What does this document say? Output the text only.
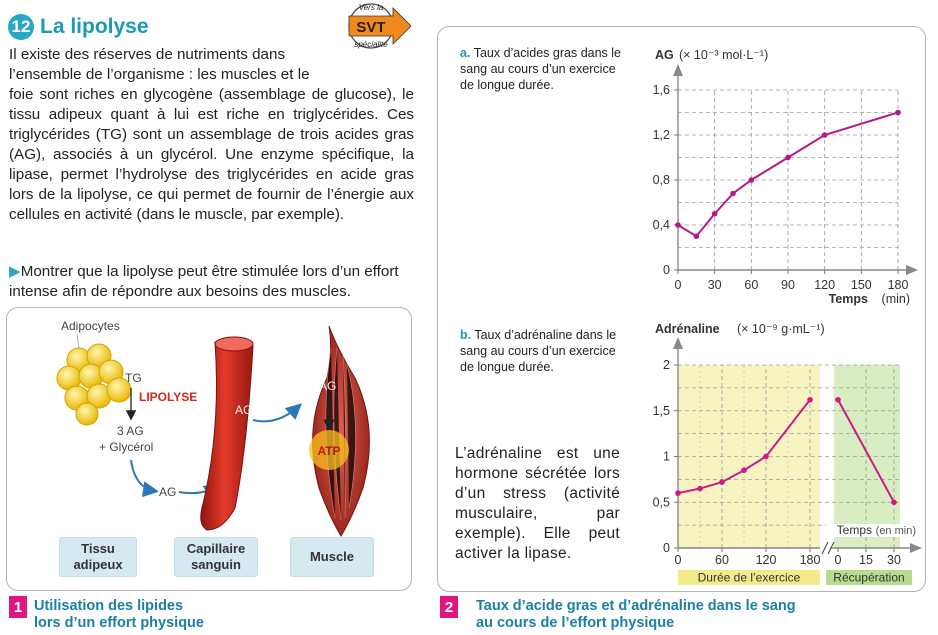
12 La lipolyse	SVT
Vers la
spécialité

Il existe des réserves de nutriments dans

l’ensemble de l’organisme : les muscles et le

foie sont riches en glycogène (assemblage de glucose), le tissu adipeux quant à lui est riche en triglycérides. Ces triglycérides (TG) sont un assemblage de trois acides gras (AG), associés à un glycérol. Une enzyme spécifique, la lipase, permet l’hydrolyse des triglycérides en acide gras lors de la lipolyse, ce qui permet de fournir de l’énergie aux cellules en activité (dans le muscle, par exemple).

▶Montrer que la lipolyse peut être stimulée lors d’un effort intense afin de répondre aux besoins des muscles.
Adipocytes
TG
LIPOLYSE
3 AG
+ Glycérol
AG
AG
AG
ATP
Tissu adipeux
Capillaire sanguin
Muscle
1 Utilisation des lipides
lors d’un effort physique
a. Taux d’acides gras dans le sang au cours d’un exercice de longue durée.
b. Taux d’adrénaline dans le sang au cours d’un exercice de longue durée.
L’adrénaline est une hormone sécrétée lors d’un stress (activité musculaire, par exemple). Elle peut activer la lipase.
0 30 60 90 120 150 180
0
0,4
0,8
1,2
1,6
AG (× 10⁻³ mol·L⁻¹)
Temps (min)
0	60 120 180 0 15 30
0
0,5
1
1,5
2
Adrénaline (× 10⁻⁹ g·mL⁻¹)
Temps (en min)
Durée de l’exercice	Récupération
2	Taux d’acide gras et d’adrénaline dans le sang
au cours de l’effort physique
